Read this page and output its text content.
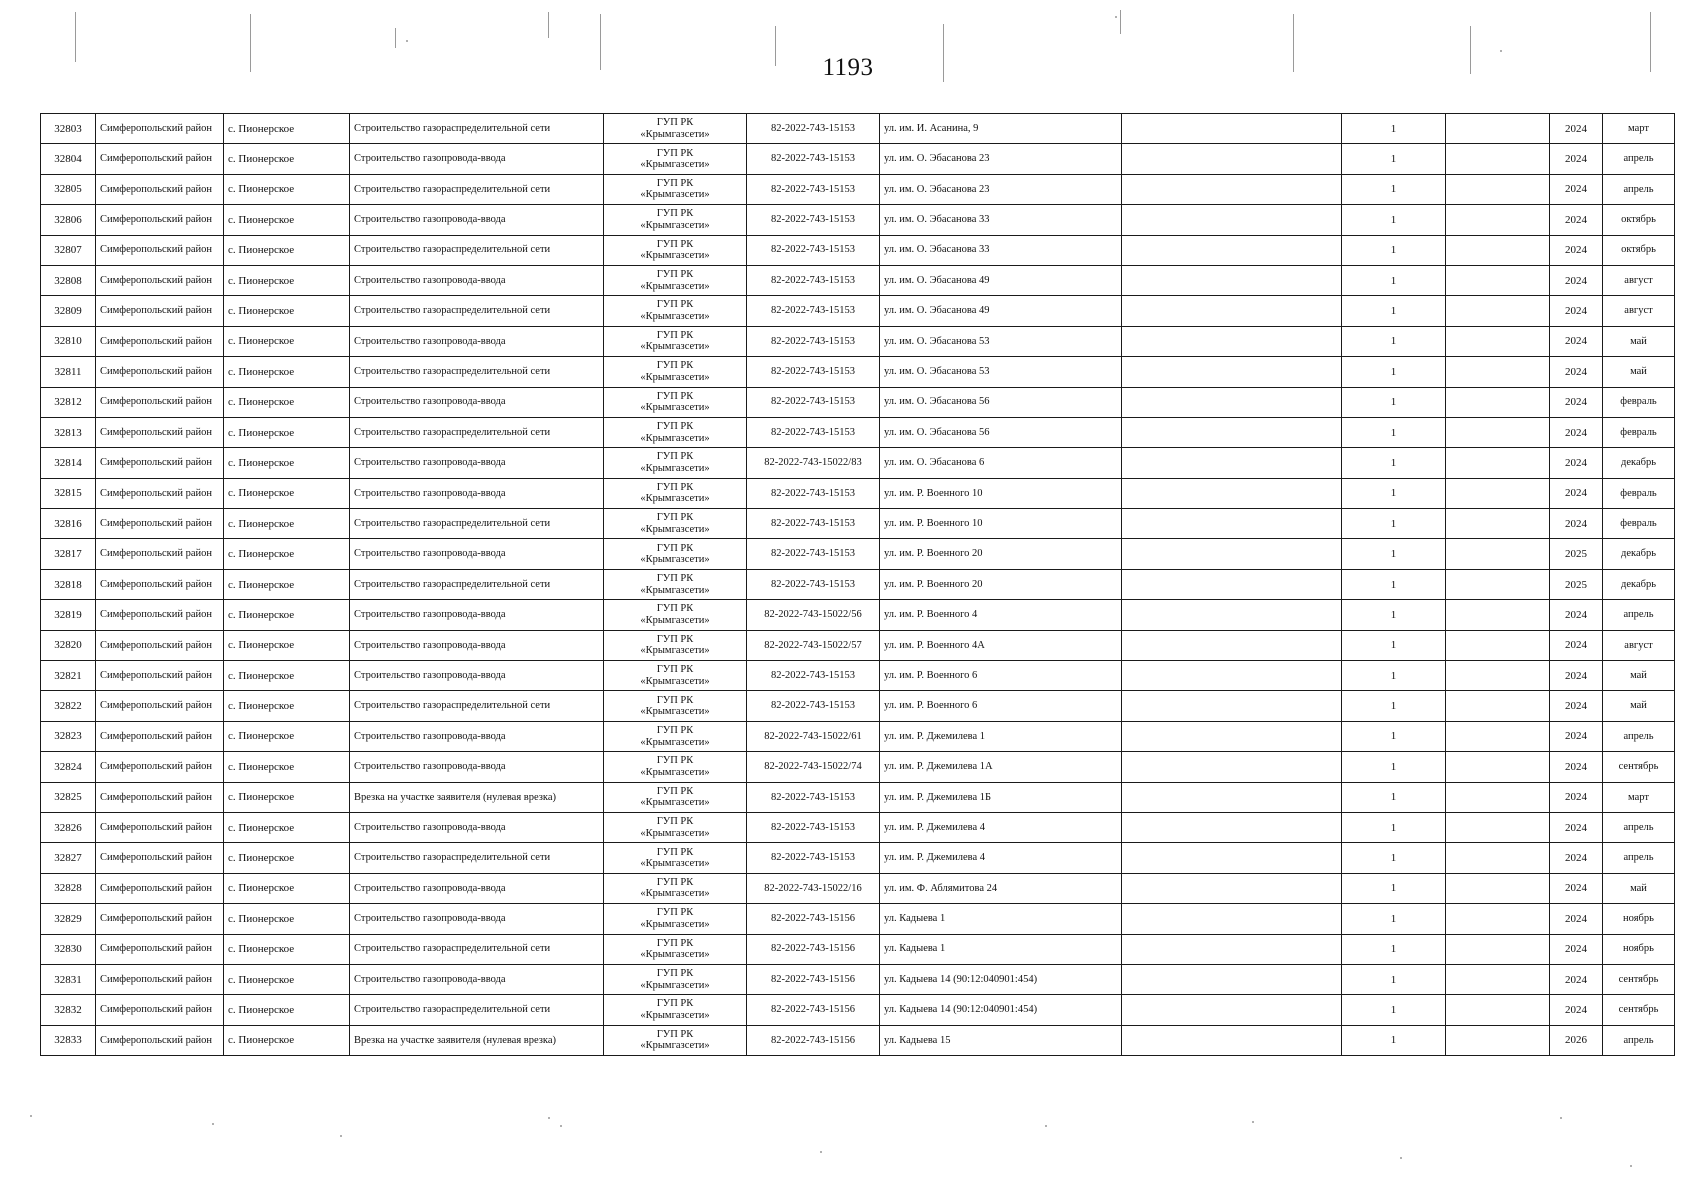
1193
32803	Симферопольский район	с. Пионерское	Строительство газораспределительной сети	ГУП РК
«Крымгазсети»	82-2022-743-15153	ул. им. И. Асанина, 9		1		2024	март
32804	Симферопольский район	с. Пионерское	Строительство газопровода-ввода	ГУП РК
«Крымгазсети»	82-2022-743-15153	ул. им. О. Эбасанова 23		1		2024	апрель
32805	Симферопольский район	с. Пионерское	Строительство газораспределительной сети	ГУП РК
«Крымгазсети»	82-2022-743-15153	ул. им. О. Эбасанова 23		1		2024	апрель
32806	Симферопольский район	с. Пионерское	Строительство газопровода-ввода	ГУП РК
«Крымгазсети»	82-2022-743-15153	ул. им. О. Эбасанова 33		1		2024	октябрь
32807	Симферопольский район	с. Пионерское	Строительство газораспределительной сети	ГУП РК
«Крымгазсети»	82-2022-743-15153	ул. им. О. Эбасанова 33		1		2024	октябрь
32808	Симферопольский район	с. Пионерское	Строительство газопровода-ввода	ГУП РК
«Крымгазсети»	82-2022-743-15153	ул. им. О. Эбасанова 49		1		2024	август
32809	Симферопольский район	с. Пионерское	Строительство газораспределительной сети	ГУП РК
«Крымгазсети»	82-2022-743-15153	ул. им. О. Эбасанова 49		1		2024	август
32810	Симферопольский район	с. Пионерское	Строительство газопровода-ввода	ГУП РК
«Крымгазсети»	82-2022-743-15153	ул. им. О. Эбасанова 53		1		2024	май
32811	Симферопольский район	с. Пионерское	Строительство газораспределительной сети	ГУП РК
«Крымгазсети»	82-2022-743-15153	ул. им. О. Эбасанова 53		1		2024	май
32812	Симферопольский район	с. Пионерское	Строительство газопровода-ввода	ГУП РК
«Крымгазсети»	82-2022-743-15153	ул. им. О. Эбасанова 56		1		2024	февраль
32813	Симферопольский район	с. Пионерское	Строительство газораспределительной сети	ГУП РК
«Крымгазсети»	82-2022-743-15153	ул. им. О. Эбасанова 56		1		2024	февраль
32814	Симферопольский район	с. Пионерское	Строительство газопровода-ввода	ГУП РК
«Крымгазсети»	82-2022-743-15022/83	ул. им. О. Эбасанова 6		1		2024	декабрь
32815	Симферопольский район	с. Пионерское	Строительство газопровода-ввода	ГУП РК
«Крымгазсети»	82-2022-743-15153	ул. им. Р. Военного 10		1		2024	февраль
32816	Симферопольский район	с. Пионерское	Строительство газораспределительной сети	ГУП РК
«Крымгазсети»	82-2022-743-15153	ул. им. Р. Военного 10		1		2024	февраль
32817	Симферопольский район	с. Пионерское	Строительство газопровода-ввода	ГУП РК
«Крымгазсети»	82-2022-743-15153	ул. им. Р. Военного 20		1		2025	декабрь
32818	Симферопольский район	с. Пионерское	Строительство газораспределительной сети	ГУП РК
«Крымгазсети»	82-2022-743-15153	ул. им. Р. Военного 20		1		2025	декабрь
32819	Симферопольский район	с. Пионерское	Строительство газопровода-ввода	ГУП РК
«Крымгазсети»	82-2022-743-15022/56	ул. им. Р. Военного 4		1		2024	апрель
32820	Симферопольский район	с. Пионерское	Строительство газопровода-ввода	ГУП РК
«Крымгазсети»	82-2022-743-15022/57	ул. им. Р. Военного 4А		1		2024	август
32821	Симферопольский район	с. Пионерское	Строительство газопровода-ввода	ГУП РК
«Крымгазсети»	82-2022-743-15153	ул. им. Р. Военного 6		1		2024	май
32822	Симферопольский район	с. Пионерское	Строительство газораспределительной сети	ГУП РК
«Крымгазсети»	82-2022-743-15153	ул. им. Р. Военного 6		1		2024	май
32823	Симферопольский район	с. Пионерское	Строительство газопровода-ввода	ГУП РК
«Крымгазсети»	82-2022-743-15022/61	ул. им. Р. Джемилева 1		1		2024	апрель
32824	Симферопольский район	с. Пионерское	Строительство газопровода-ввода	ГУП РК
«Крымгазсети»	82-2022-743-15022/74	ул. им. Р. Джемилева 1А		1		2024	сентябрь
32825	Симферопольский район	с. Пионерское	Врезка на участке заявителя (нулевая врезка)	ГУП РК
«Крымгазсети»	82-2022-743-15153	ул. им. Р. Джемилева 1Б		1		2024	март
32826	Симферопольский район	с. Пионерское	Строительство газопровода-ввода	ГУП РК
«Крымгазсети»	82-2022-743-15153	ул. им. Р. Джемилева 4		1		2024	апрель
32827	Симферопольский район	с. Пионерское	Строительство газораспределительной сети	ГУП РК
«Крымгазсети»	82-2022-743-15153	ул. им. Р. Джемилева 4		1		2024	апрель
32828	Симферопольский район	с. Пионерское	Строительство газопровода-ввода	ГУП РК
«Крымгазсети»	82-2022-743-15022/16	ул. им. Ф. Аблямитова 24		1		2024	май
32829	Симферопольский район	с. Пионерское	Строительство газопровода-ввода	ГУП РК
«Крымгазсети»	82-2022-743-15156	ул. Кадыева 1		1		2024	ноябрь
32830	Симферопольский район	с. Пионерское	Строительство газораспределительной сети	ГУП РК
«Крымгазсети»	82-2022-743-15156	ул. Кадыева 1		1		2024	ноябрь
32831	Симферопольский район	с. Пионерское	Строительство газопровода-ввода	ГУП РК
«Крымгазсети»	82-2022-743-15156	ул. Кадыева 14 (90:12:040901:454)		1		2024	сентябрь
32832	Симферопольский район	с. Пионерское	Строительство газораспределительной сети	ГУП РК
«Крымгазсети»	82-2022-743-15156	ул. Кадыева 14 (90:12:040901:454)		1		2024	сентябрь
32833	Симферопольский район	с. Пионерское	Врезка на участке заявителя (нулевая врезка)	ГУП РК
«Крымгазсети»	82-2022-743-15156	ул. Кадыева 15		1		2026	апрель
